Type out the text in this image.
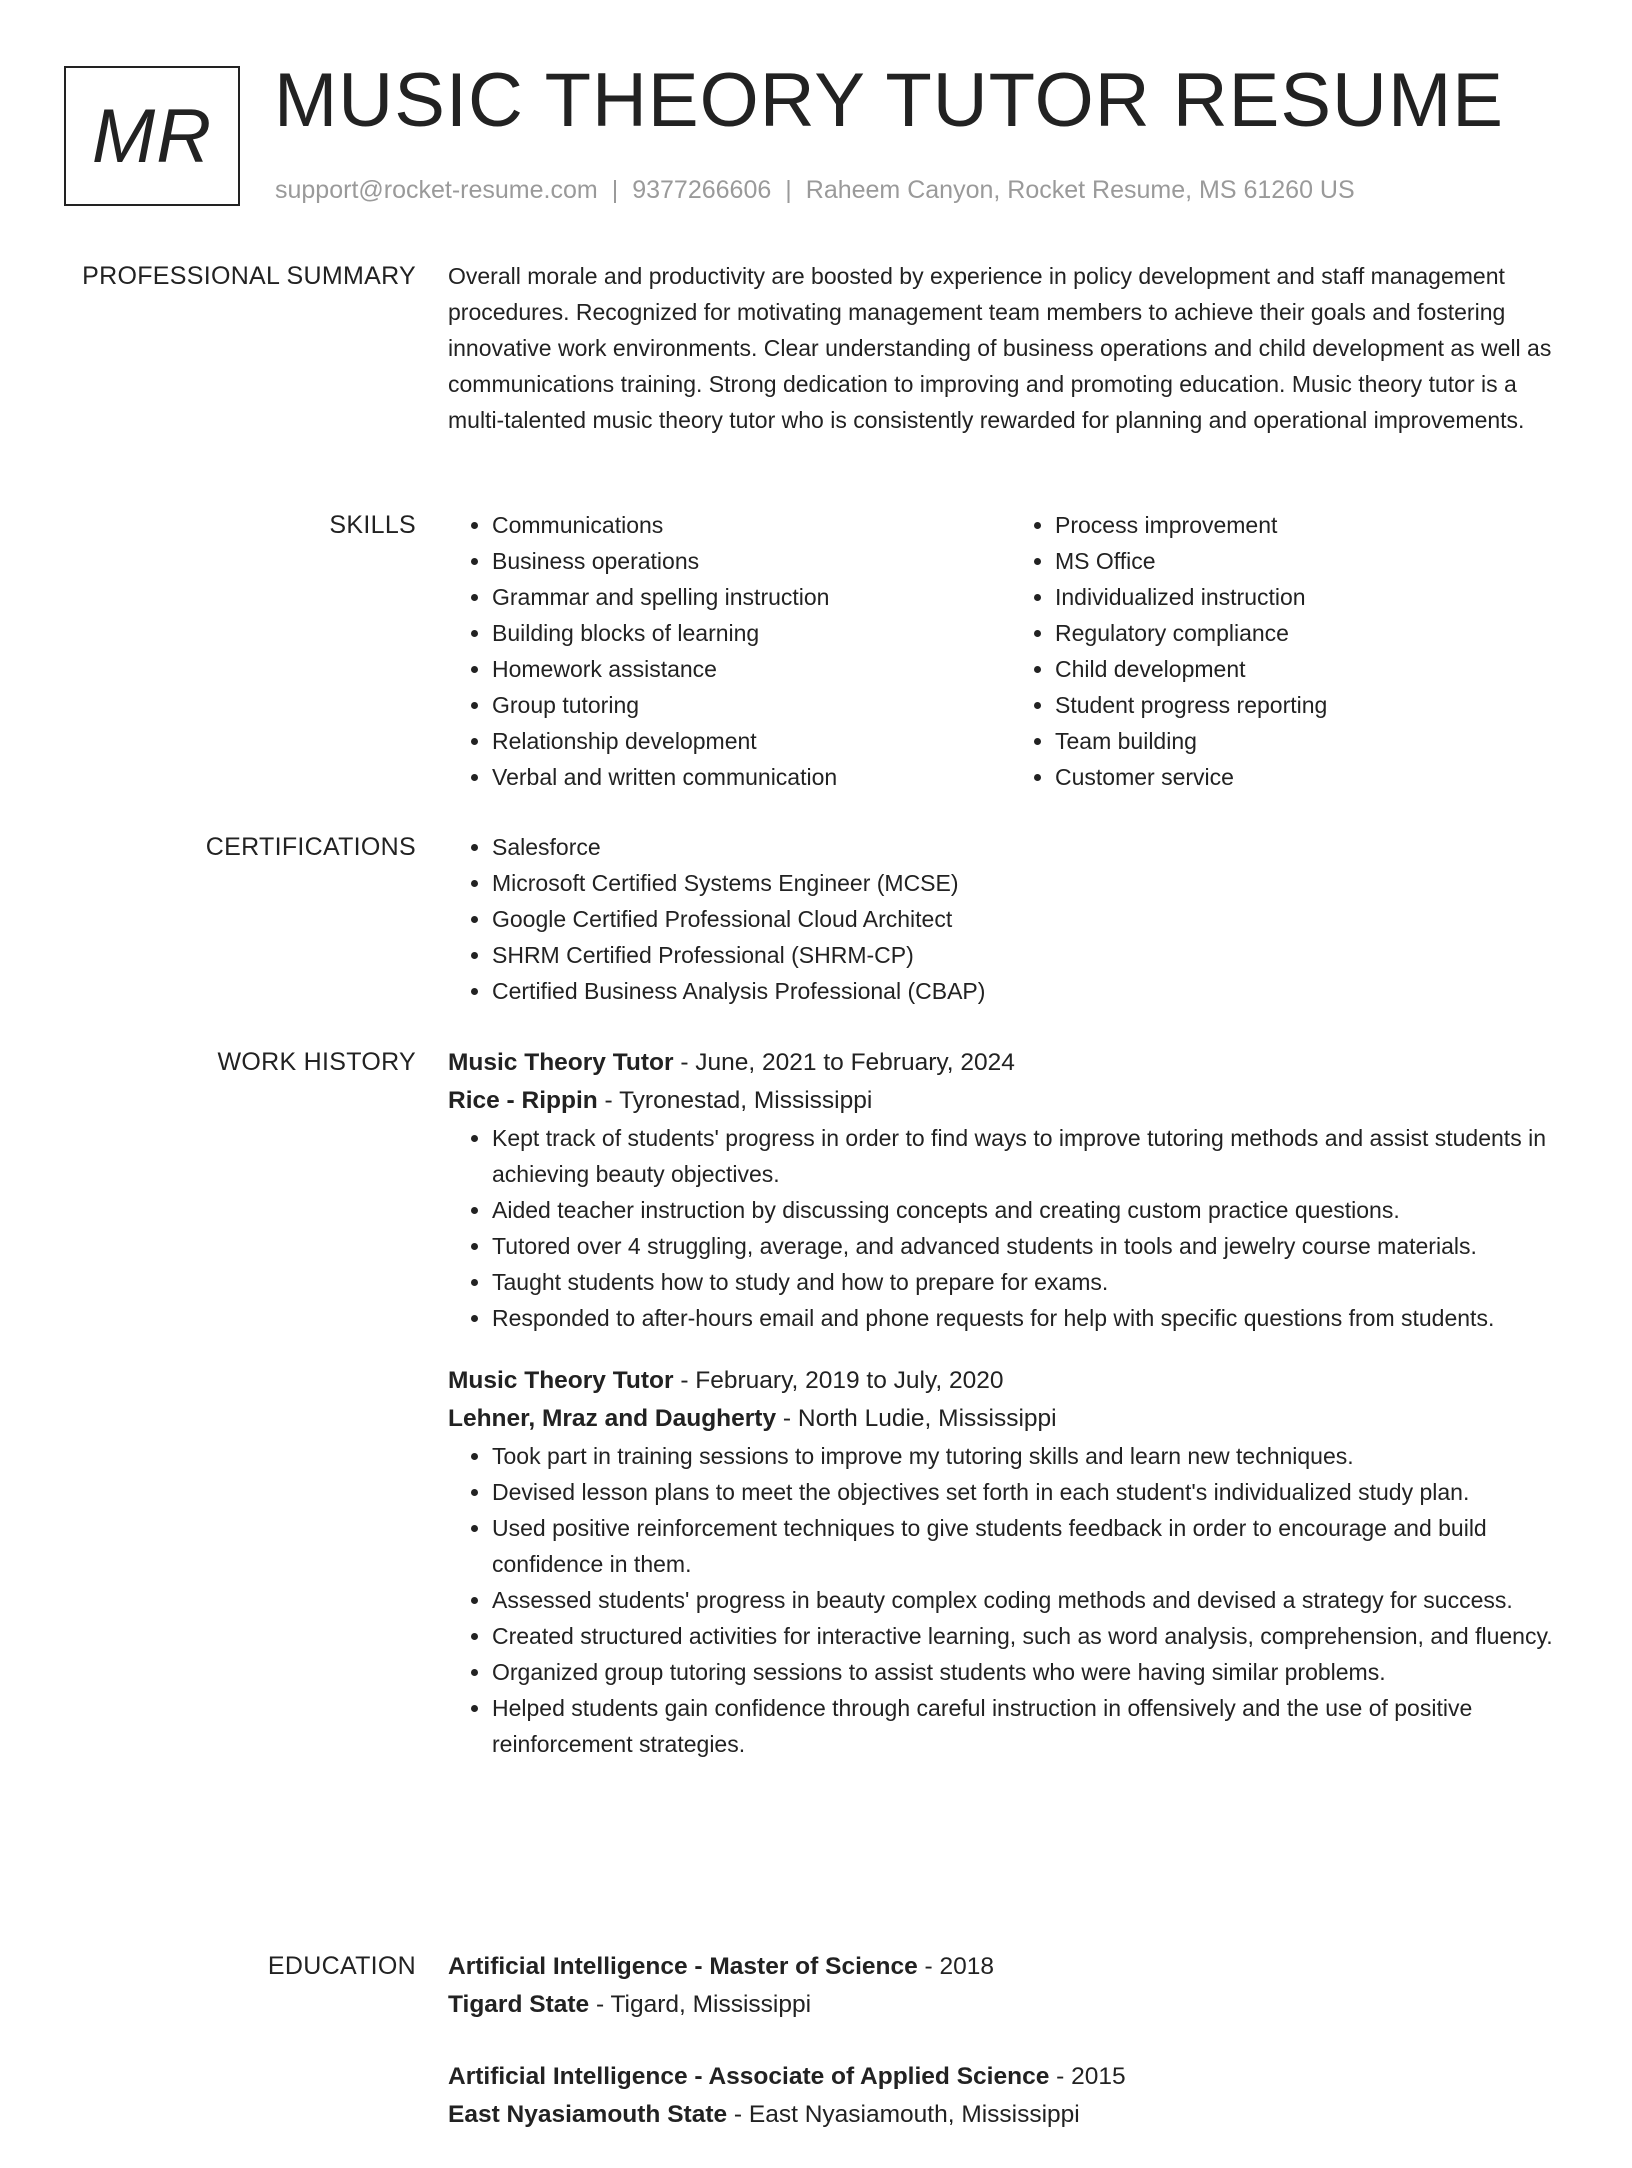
MR MUSIC THEORY TUTOR RESUME
support@rocket-resume.com | 9377266606 | Raheem Canyon, Rocket Resume, MS 61260 US
PROFESSIONAL SUMMARY Overall morale and productivity are boosted by experience in policy development and staff management procedures. Recognized for motivating management team members to achieve their goals and fostering innovative work environments. Clear understanding of business operations and child development as well as communications training. Strong dedication to improving and promoting education. Music theory tutor is a multi-talented music theory tutor who is consistently rewarded for planning and operational improvements.

SKILLS	• Communications
• Business operations
• Grammar and spelling instruction
• Building blocks of learning
• Homework assistance
• Group tutoring
• Relationship development
• Verbal and written communication
• Process improvement
• MS Office
• Individualized instruction
• Regulatory compliance
• Child development
• Student progress reporting
• Team building
• Customer service
CERTIFICATIONS	• Salesforce
• Microsoft Certified Systems Engineer (MCSE)
• Google Certified Professional Cloud Architect
• SHRM Certified Professional (SHRM-CP)
• Certified Business Analysis Professional (CBAP)
WORK HISTORY Music Theory Tutor - June, 2021 to February, 2024
Rice - Rippin - Tyronestad, Mississippi
• Kept track of students' progress in order to find ways to improve tutoring methods and assist students in achieving beauty objectives.
• Aided teacher instruction by discussing concepts and creating custom practice questions.
• Tutored over 4 struggling, average, and advanced students in tools and jewelry course materials.
• Taught students how to study and how to prepare for exams.
• Responded to after-hours email and phone requests for help with specific questions from students.
Music Theory Tutor - February, 2019 to July, 2020
Lehner, Mraz and Daugherty - North Ludie, Mississippi
• Took part in training sessions to improve my tutoring skills and learn new techniques.
• Devised lesson plans to meet the objectives set forth in each student's individualized study plan.
• Used positive reinforcement techniques to give students feedback in order to encourage and build confidence in them.
• Assessed students' progress in beauty complex coding methods and devised a strategy for success.
• Created structured activities for interactive learning, such as word analysis, comprehension, and fluency.
• Organized group tutoring sessions to assist students who were having similar problems.
• Helped students gain confidence through careful instruction in offensively and the use of positive reinforcement strategies.
EDUCATION Artificial Intelligence - Master of Science - 2018
Tigard State - Tigard, Mississippi
Artificial Intelligence - Associate of Applied Science - 2015
East Nyasiamouth State - East Nyasiamouth, Mississippi
